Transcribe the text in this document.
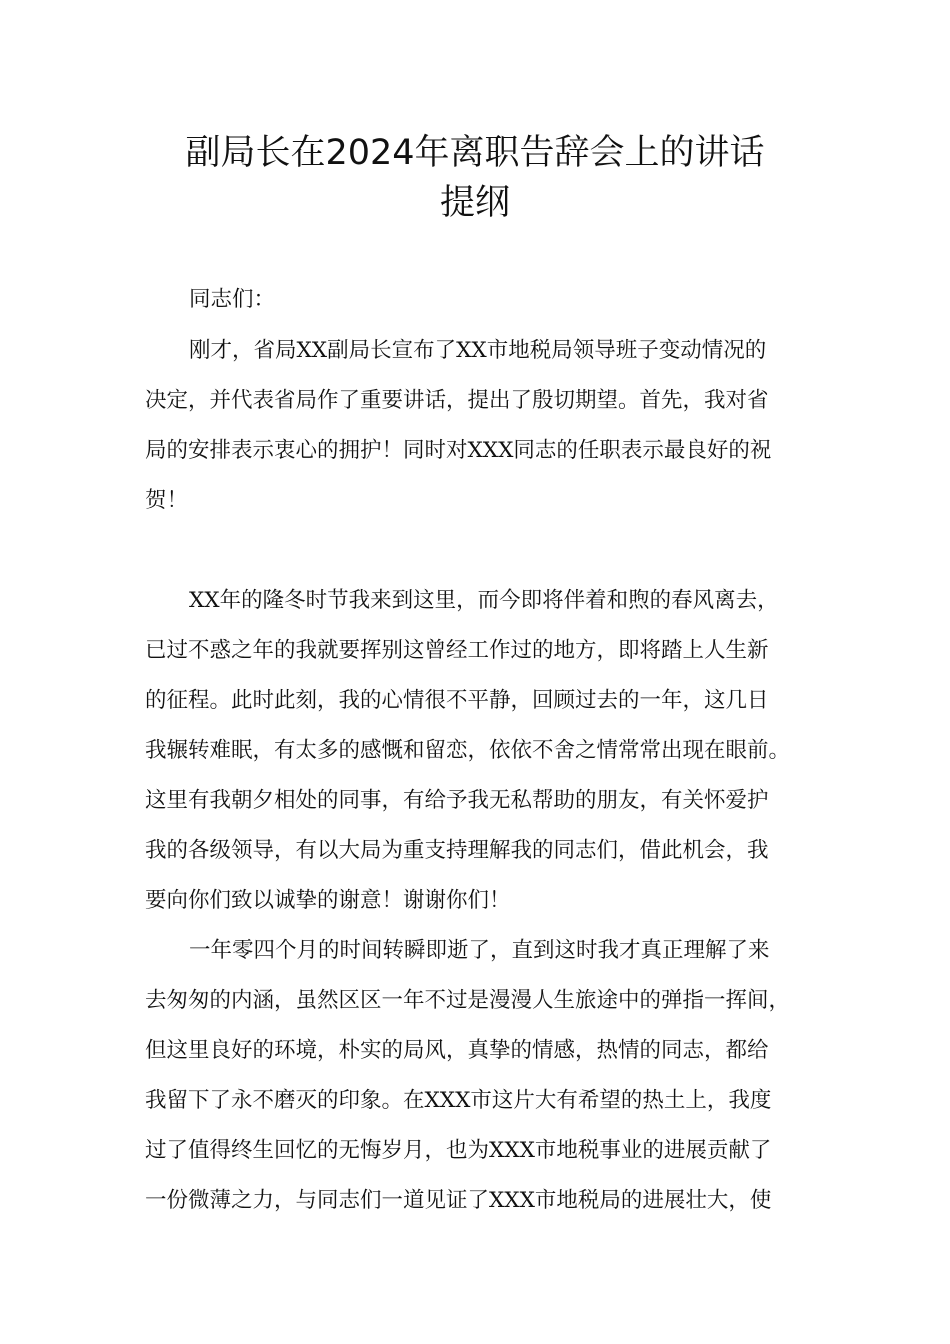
副局长在2024年离职告辞会上的讲话
提纲
同志们：
刚才，省局XX副局长宣布了XX市地税局领导班子变动情况的
决定，并代表省局作了重要讲话，提出了殷切期望。首先，我对省
局的安排表示衷心的拥护！同时对XXX同志的任职表示最良好的祝
贺！
XX年的隆冬时节我来到这里，而今即将伴着和煦的春风离去，
已过不惑之年的我就要挥别这曾经工作过的地方，即将踏上人生新
的征程。此时此刻，我的心情很不平静，回顾过去的一年，这几日
我辗转难眠，有太多的感慨和留恋，依依不舍之情常常出现在眼前。
这里有我朝夕相处的同事，有给予我无私帮助的朋友，有关怀爱护
我的各级领导，有以大局为重支持理解我的同志们，借此机会，我
要向你们致以诚挚的谢意！谢谢你们！
一年零四个月的时间转瞬即逝了，直到这时我才真正理解了来
去匆匆的内涵，虽然区区一年不过是漫漫人生旅途中的弹指一挥间，
但这里良好的环境，朴实的局风，真挚的情感，热情的同志，都给
我留下了永不磨灭的印象。在XXX市这片大有希望的热土上，我度
过了值得终生回忆的无悔岁月，也为XXX市地税事业的进展贡献了
一份微薄之力，与同志们一道见证了XXX市地税局的进展壮大，使
